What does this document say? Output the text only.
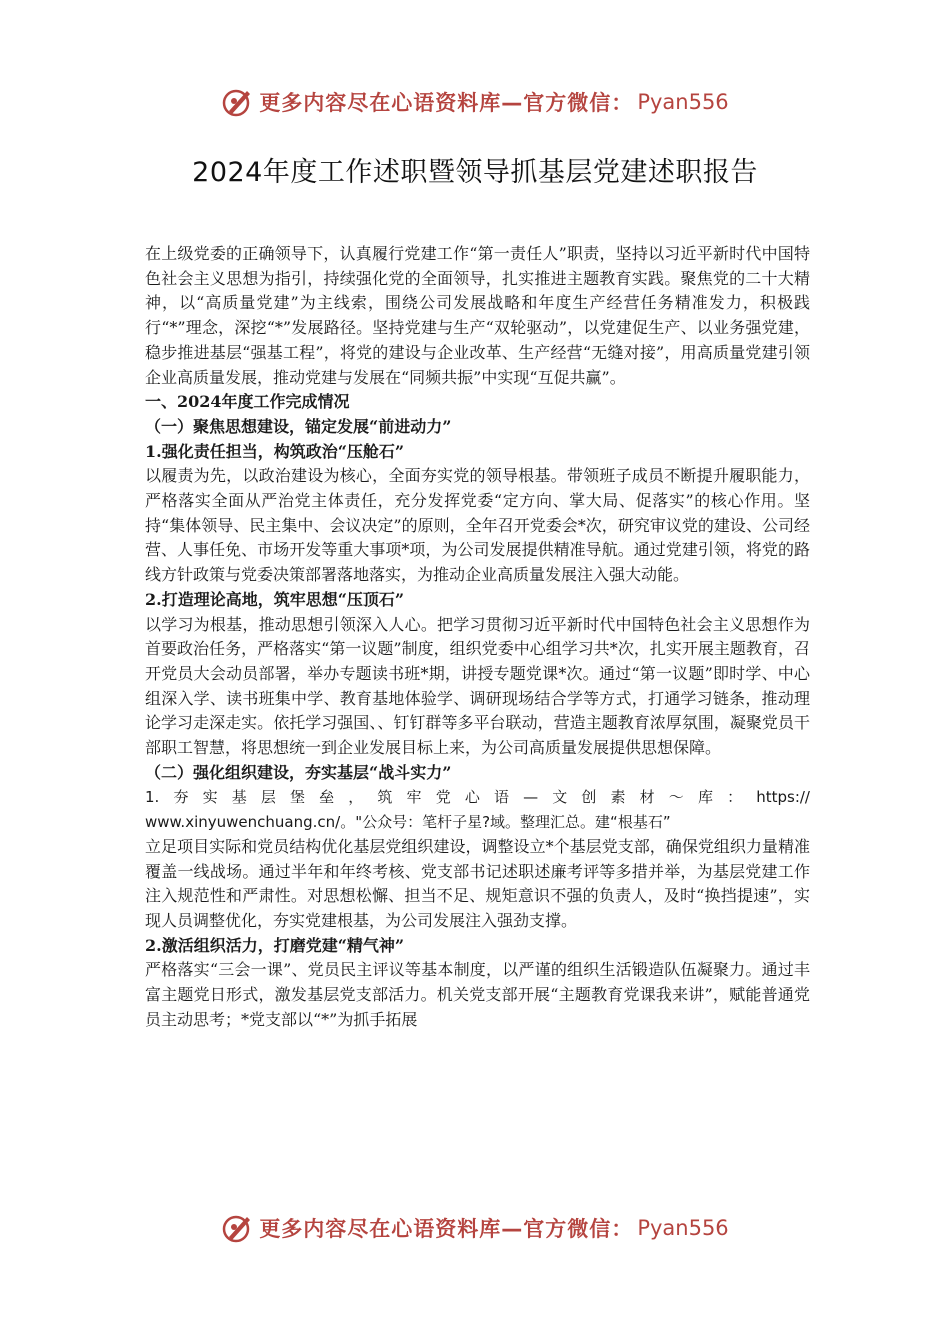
更多内容尽在心语资料库—官方微信： Pyan556
2024年度工作述职暨领导抓基层党建述职报告

在上级党委的正确领导下，认真履行党建工作“第一责任人”职责，坚持以习近平新时代中国特色社会主义思想为指引，持续强化党的全面领导，扎实推进主题教育实践。聚焦党的二十大精神，以“高质量党建”为主线索，围绕公司发展战略和年度生产经营任务精准发力，积极践行“*”理念，深挖“*”发展路径。坚持党建与生产“双轮驱动”，以党建促生产、以业务强党建，稳步推进基层“强基工程”，将党的建设与企业改革、生产经营“无缝对接”，用高质量党建引领企业高质量发展，推动党建与发展在“同频共振”中实现“互促共赢”。

一、2024年度工作完成情况

（一）聚焦思想建设，锚定发展“前进动力”

1.强化责任担当，构筑政治“压舱石”

以履责为先，以政治建设为核心，全面夯实党的领导根基。带领班子成员不断提升履职能力，严格落实全面从严治党主体责任，充分发挥党委“定方向、掌大局、促落实”的核心作用。坚持“集体领导、民主集中、会议决定”的原则，全年召开党委会*次，研究审议党的建设、公司经营、人事任免、市场开发等重大事项*项，为公司发展提供精准导航。通过党建引领，将党的路线方针政策与党委决策部署落地落实，为推动企业高质量发展注入强大动能。

2.打造理论高地，筑牢思想“压顶石”

以学习为根基，推动思想引领深入人心。把学习贯彻习近平新时代中国特色社会主义思想作为首要政治任务，严格落实“第一议题”制度，组织党委中心组学习共*次，扎实开展主题教育，召开党员大会动员部署，举办专题读书班*期，讲授专题党课*次。通过“第一议题”即时学、中心组深入学、读书班集中学、教育基地体验学、调研现场结合学等方式，打通学习链条，推动理论学习走深走实。依托学习强国、、钉钉群等多平台联动，营造主题教育浓厚氛围，凝聚党员干部职工智慧，将思想统一到企业发展目标上来，为公司高质量发展提供思想保障。

（二）强化组织建设，夯实基层“战斗实力”

1.夯实基层堡垒，筑牢党心语—文创素材～库：https://

www.xinyuwenchuang.cn/。"公众号：笔杆子星?域。整理汇总。建“根基石”

立足项目实际和党员结构优化基层党组织建设，调整设立*个基层党支部，确保党组织力量精准覆盖一线战场。通过半年和年终考核、党支部书记述职述廉考评等多措并举，为基层党建工作注入规范性和严肃性。对思想松懈、担当不足、规矩意识不强的负责人，及时“换挡提速”，实现人员调整优化，夯实党建根基，为公司发展注入强劲支撑。

2.激活组织活力，打磨党建“精气神”

严格落实“三会一课”、党员民主评议等基本制度，以严谨的组织生活锻造队伍凝聚力。通过丰富主题党日形式，激发基层党支部活力。机关党支部开展“主题教育党课我来讲”，赋能普通党员主动思考；*党支部以“*”为抓手拓展

更多内容尽在心语资料库—官方微信： Pyan556
